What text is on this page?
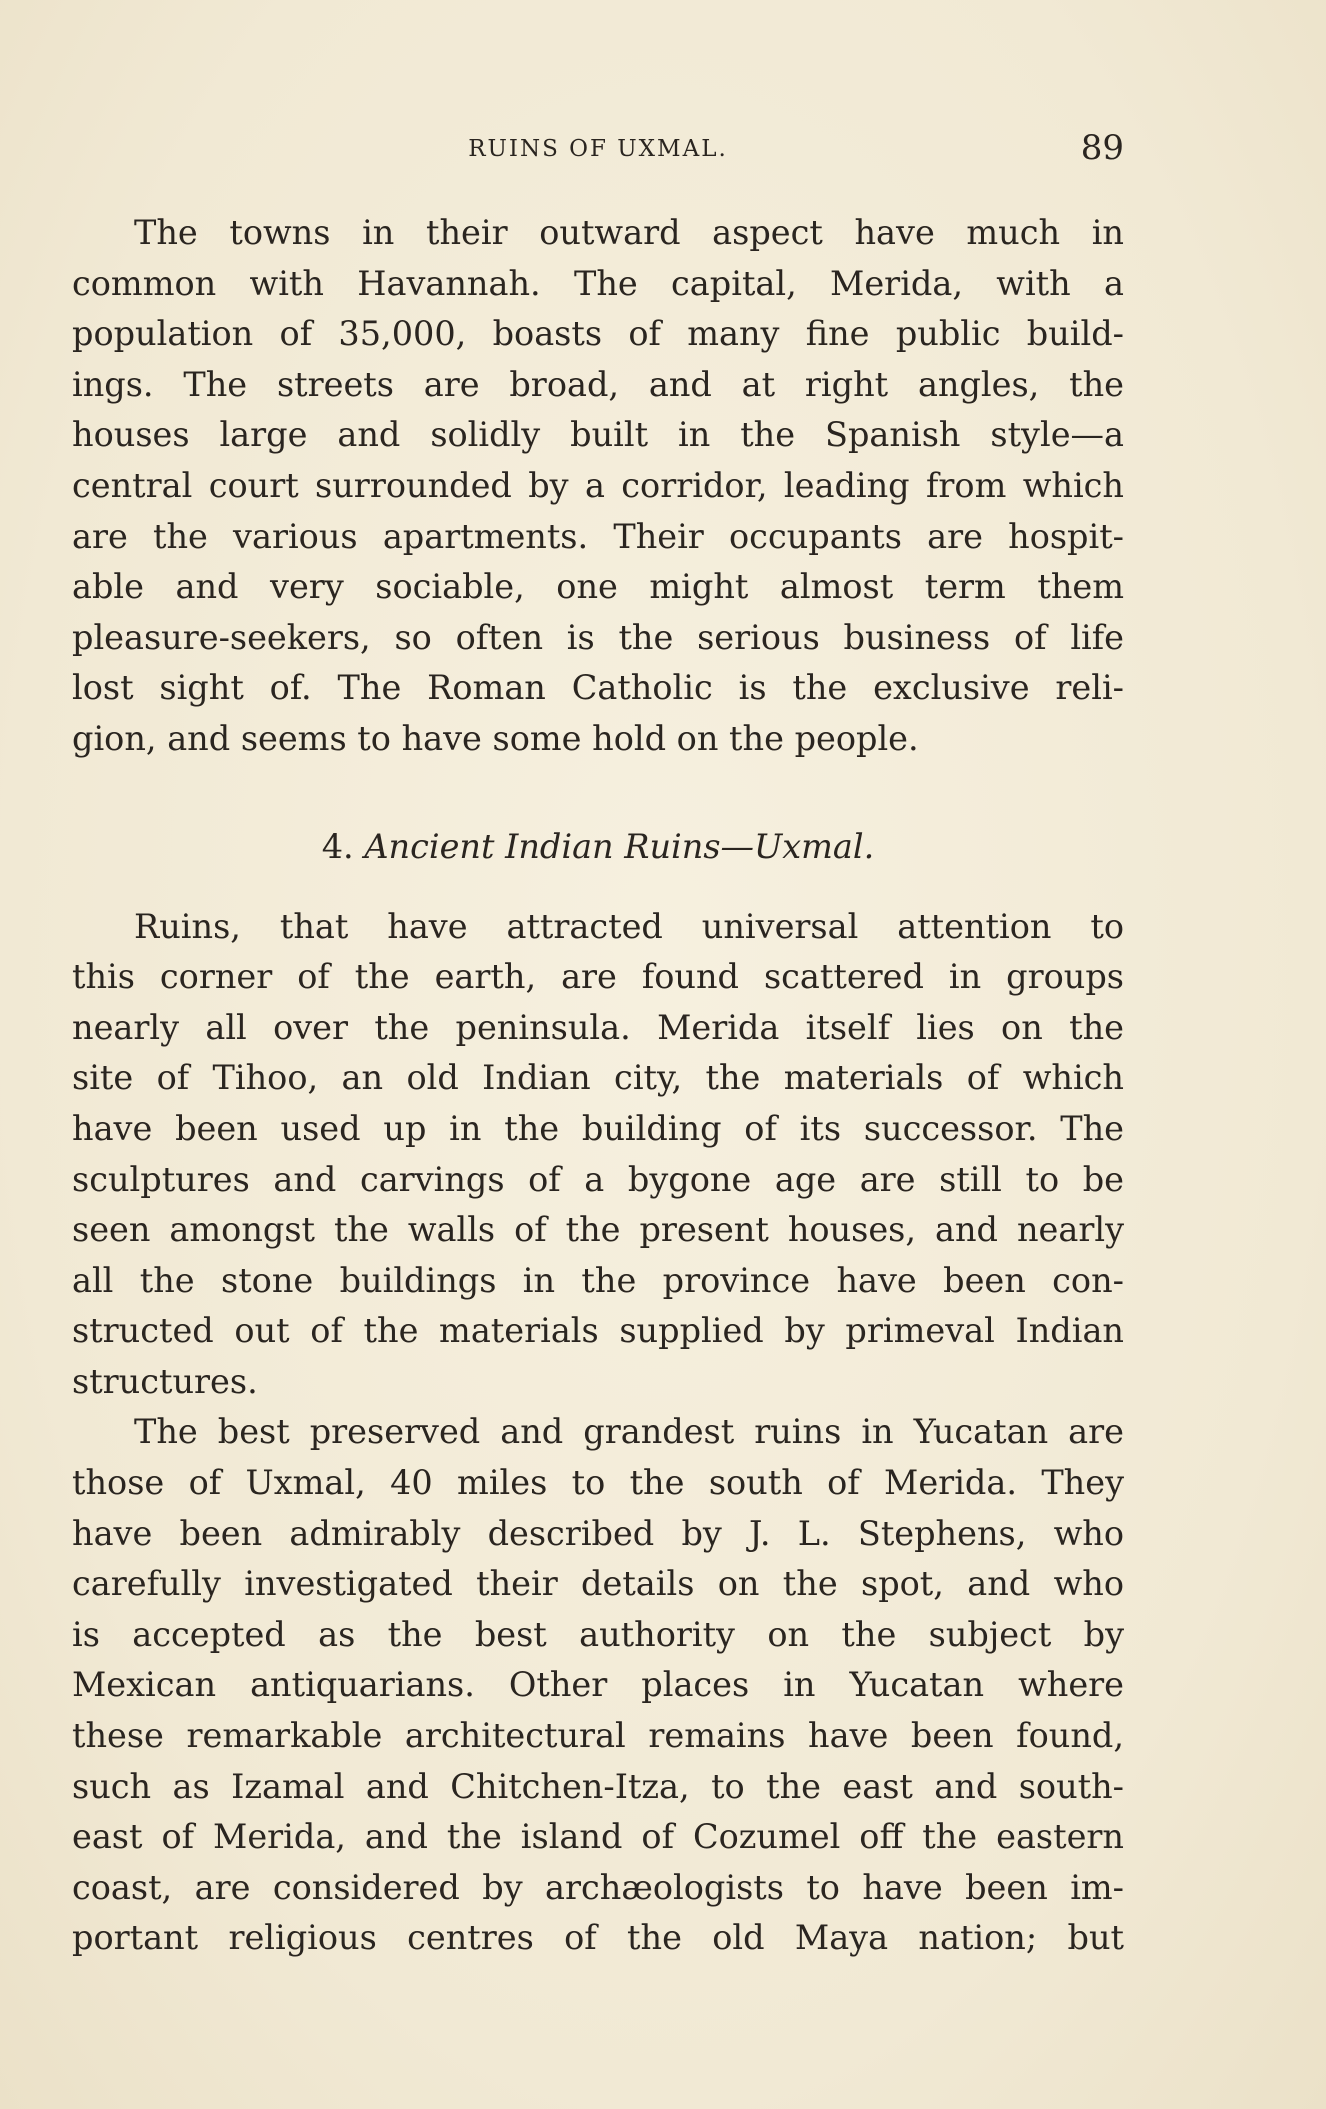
RUINS OF UXMAL.	89
The towns in their outward aspect have much in
common with Havannah. The capital, Merida, with a
population of 35,000, boasts of many fine public build-
ings. The streets are broad, and at right angles, the
houses large and solidly built in the Spanish style—a
central court surrounded by a corridor, leading from which
are the various apartments. Their occupants are hospit-
able and very sociable, one might almost term them
pleasure-seekers, so often is the serious business of life
lost sight of. The Roman Catholic is the exclusive reli-
gion, and seems to have some hold on the people.
4. Ancient Indian Ruins—Uxmal.
Ruins, that have attracted universal attention to
this corner of the earth, are found scattered in groups
nearly all over the peninsula. Merida itself lies on the
site of Tihoo, an old Indian city, the materials of which
have been used up in the building of its successor. The
sculptures and carvings of a bygone age are still to be
seen amongst the walls of the present houses, and nearly
all the stone buildings in the province have been con-
structed out of the materials supplied by primeval Indian
structures.
The best preserved and grandest ruins in Yucatan are
those of Uxmal, 40 miles to the south of Merida. They
have been admirably described by J. L. Stephens, who
carefully investigated their details on the spot, and who
is accepted as the best authority on the subject by
Mexican antiquarians. Other places in Yucatan where
these remarkable architectural remains have been found,
such as Izamal and Chitchen-Itza, to the east and south-
east of Merida, and the island of Cozumel off the eastern
coast, are considered by archæologists to have been im-
portant religious centres of the old Maya nation; but
